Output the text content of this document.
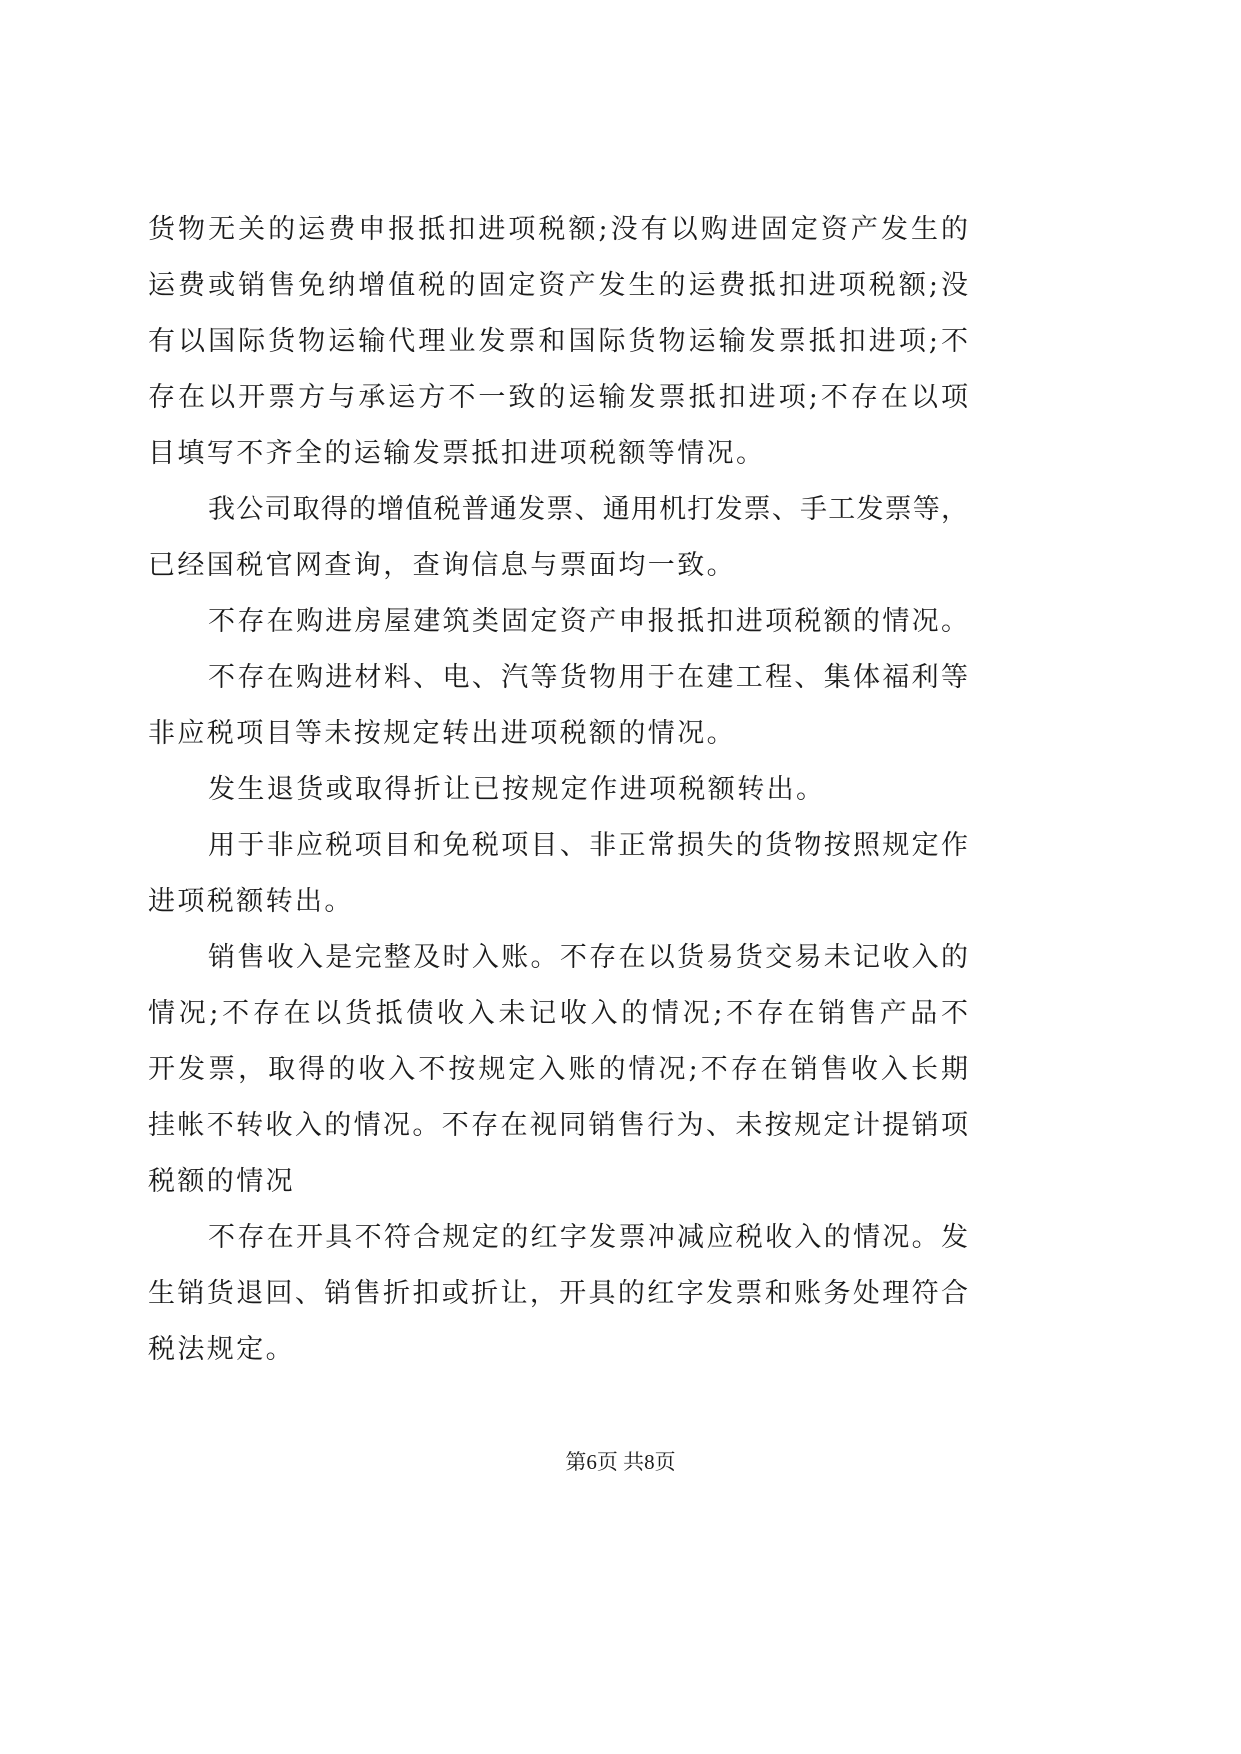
货物无关的运费申报抵扣进项税额;没有以购进固定资产发生的
运费或销售免纳增值税的固定资产发生的运费抵扣进项税额;没
有以国际货物运输代理业发票和国际货物运输发票抵扣进项;不
存在以开票方与承运方不一致的运输发票抵扣进项;不存在以项
目填写不齐全的运输发票抵扣进项税额等情况。
我公司取得的增值税普通发票、通用机打发票、手工发票等，
已经国税官网查询，查询信息与票面均一致。
不存在购进房屋建筑类固定资产申报抵扣进项税额的情况。
不存在购进材料、电、汽等货物用于在建工程、集体福利等
非应税项目等未按规定转出进项税额的情况。
发生退货或取得折让已按规定作进项税额转出。
用于非应税项目和免税项目、非正常损失的货物按照规定作
进项税额转出。
销售收入是完整及时入账。不存在以货易货交易未记收入的
情况;不存在以货抵债收入未记收入的情况;不存在销售产品不
开发票，取得的收入不按规定入账的情况;不存在销售收入长期
挂帐不转收入的情况。不存在视同销售行为、未按规定计提销项
税额的情况
不存在开具不符合规定的红字发票冲减应税收入的情况。发
生销货退回、销售折扣或折让，开具的红字发票和账务处理符合
税法规定。
第6页 共8页
